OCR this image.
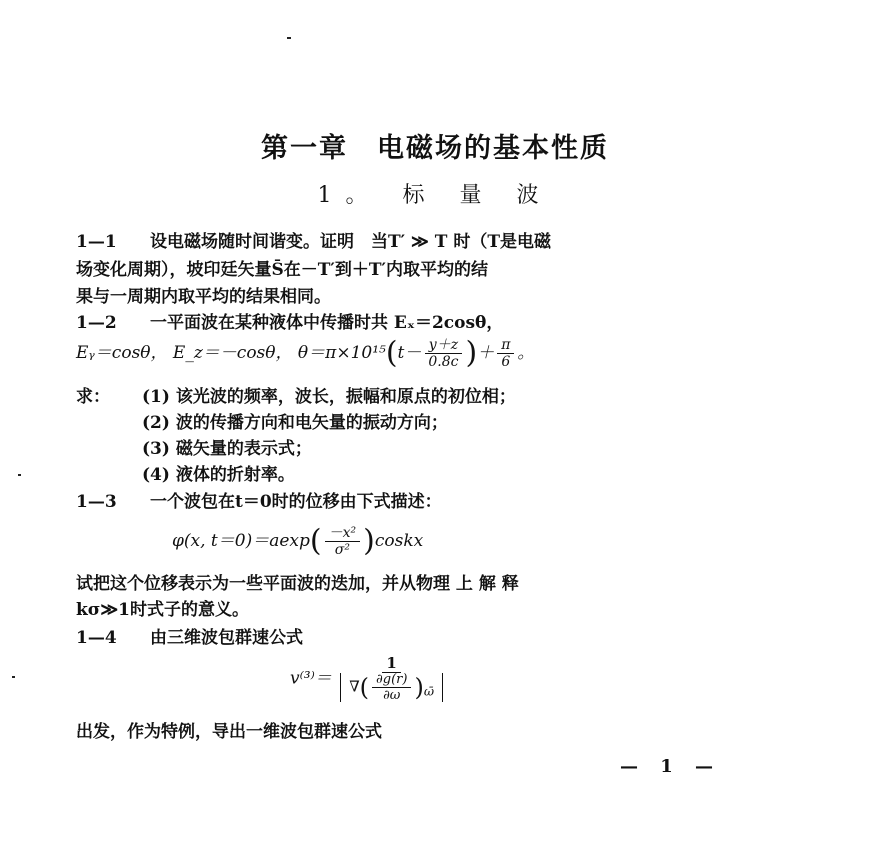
第一章　电磁场的基本性质
1。 标 量 波
1—1 设电磁场随时间谐变。证明　当T′ ≫ T 时（T是电磁
场变化周期），坡印廷矢量S̄在－T′到＋T′内取平均的结
果与一周期内取平均的结果相同。
1—2 一平面波在某种液体中传播时共 Eₓ＝2cosθ，
Eᵧ＝cosθ， E_z＝－cosθ， $\theta=\pi\times 10^{15}(t- \frac{y+z}{0.8c}$ )＋ $\frac{\pi}{6}$ 。
求： (1) 该光波的频率，波长，振幅和原点的初位相；
(2) 波的传播方向和电矢量的振动方向；
(3) 磁矢量的表示式；
(4) 液体的折射率。
1—3 一个波包在t＝0时的位移由下式描述：
φ(x, $t=0)=aexp( \frac{\text{－x²}}{\text{σ²}}$ )coskx
试把这个位移表示为一些平面波的迭加，并从物理 上 解 释
kσ≫1时式子的意义。
1—4 由三维波包群速公式
$v^{(3)}= \frac{1}{\nabla( \frac{\partial g(r)}{\partial\omega} )_{\omegā}}$
出发，作为特例，导出一维波包群速公式
— 1 —
